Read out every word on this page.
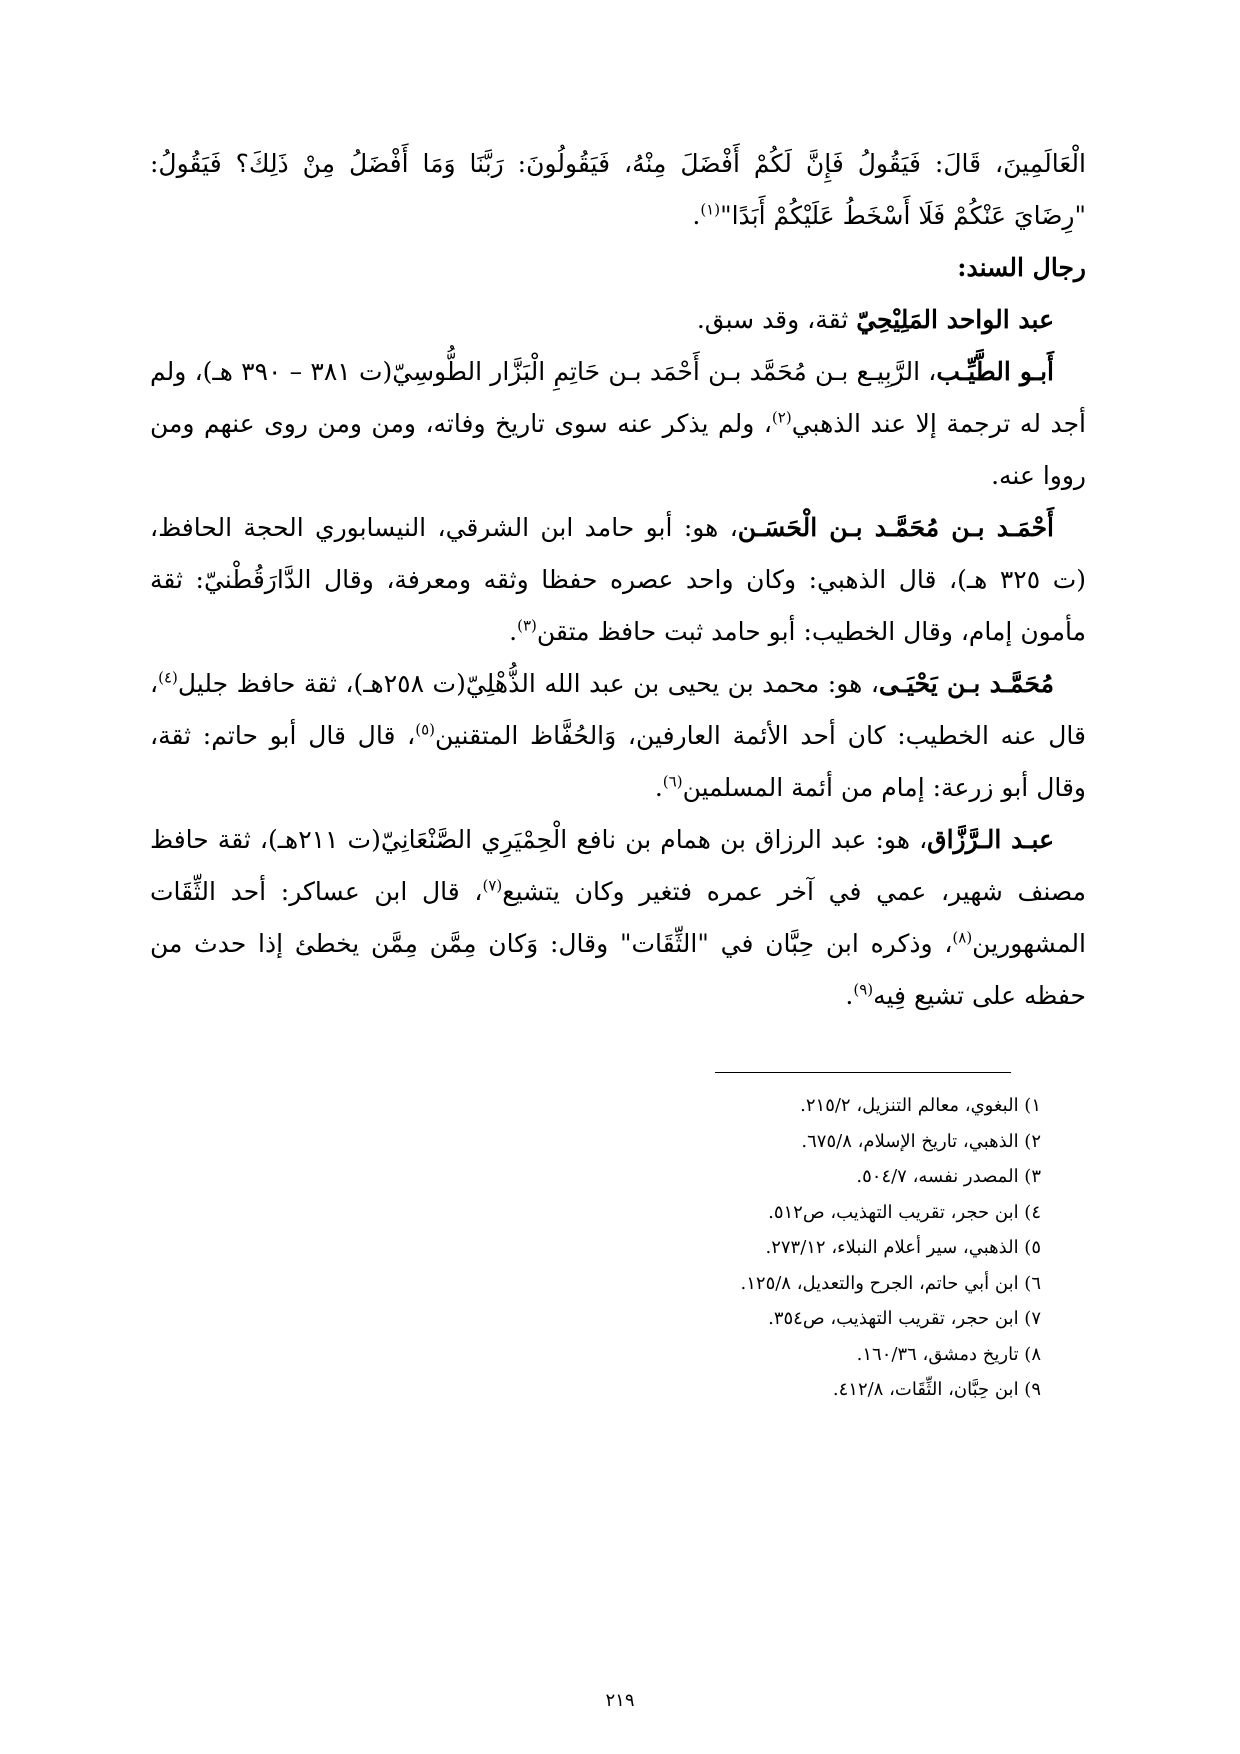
الْعَالَمِينَ، قَالَ: فَيَقُولُ فَإِنَّ لَكُمْ أَفْضَلَ مِنْهُ، فَيَقُولُونَ: رَبَّنَا وَمَا أَفْضَلُ مِنْ ذَلِكَ؟ فَيَقُولُ: "رِضَايَ عَنْكُمْ فَلَا أَسْخَطُ عَلَيْكُمْ أَبَدًا"$^{(١)}$.

رجال السند:

عبد الواحد المَلِيْحِيّ ثقة، وقد سبق.

أَبـو الطَّيِّـب، الرَّبِيـع بـن مُحَمَّد بـن أَحْمَد بـن حَاتِمِ الْبَزَّار الطُّوسِيّ(ت ٣٨١ – ٣٩٠ هـ)، ولم أجد له ترجمة إلا عند الذهبي$^{(٢)}$، ولم يذكر عنه سوى تاريخ وفاته، ومن ومن روى عنهم ومن رووا عنه.

أَحْمَـد بـن مُحَمَّـد بـن الْحَسَـن، هو: أبو حامد ابن الشرقي، النيسابوري الحجة الحافظ، (ت ٣٢٥ هـ)، قال الذهبي: وكان واحد عصره حفظا وثقه ومعرفة، وقال الدَّارَقُطْنيّ: ثقة مأمون إمام، وقال الخطيب: أبو حامد ثبت حافظ متقن$^{(٣)}$.

مُحَمَّـد بـن يَحْيَـى، هو: محمد بن يحيى بن عبد الله الذُّهْلِيّ(ت ٢٥٨هـ)، ثقة حافظ جليل$^{(٤)}$، قال عنه الخطيب: كان أحد الأئمة العارفين، وَالحُفَّاظ المتقنين$^{(٥)}$، قال قال أبو حاتم: ثقة، وقال أبو زرعة: إمام من أئمة المسلمين$^{(٦)}$.

عبـد الـرَّزَّاق، هو: عبد الرزاق بن همام بن نافع الْحِمْيَرِي الصَّنْعَانِيّ(ت ٢١١هـ)، ثقة حافظ مصنف شهير، عمي في آخر عمره فتغير وكان يتشيع$^{(٧)}$، قال ابن عساكر: أحد الثِّقَات المشهورين$^{(٨)}$، وذكره ابن حِبَّان في "الثِّقَات" وقال: وَكان مِمَّن مِمَّن يخطئ إذا حدث من حفظه على تشيع فِيه$^{(٩)}$.

١) البغوي، معالم التنزيل، ٢١٥/٢.
٢) الذهبي، تاريخ الإسلام، ٦٧٥/٨.
٣) المصدر نفسه، ٥٠٤/٧.
٤) ابن حجر، تقريب التهذيب، ص٥١٢.
٥) الذهبي، سير أعلام النبلاء، ٢٧٣/١٢.
٦) ابن أبي حاتم، الجرح والتعديل، ١٢٥/٨.
٧) ابن حجر، تقريب التهذيب، ص٣٥٤.
٨) تاريخ دمشق، ١٦٠/٣٦.
٩) ابن حِبَّان، الثِّقَات، ٤١٢/٨.
٢١٩
